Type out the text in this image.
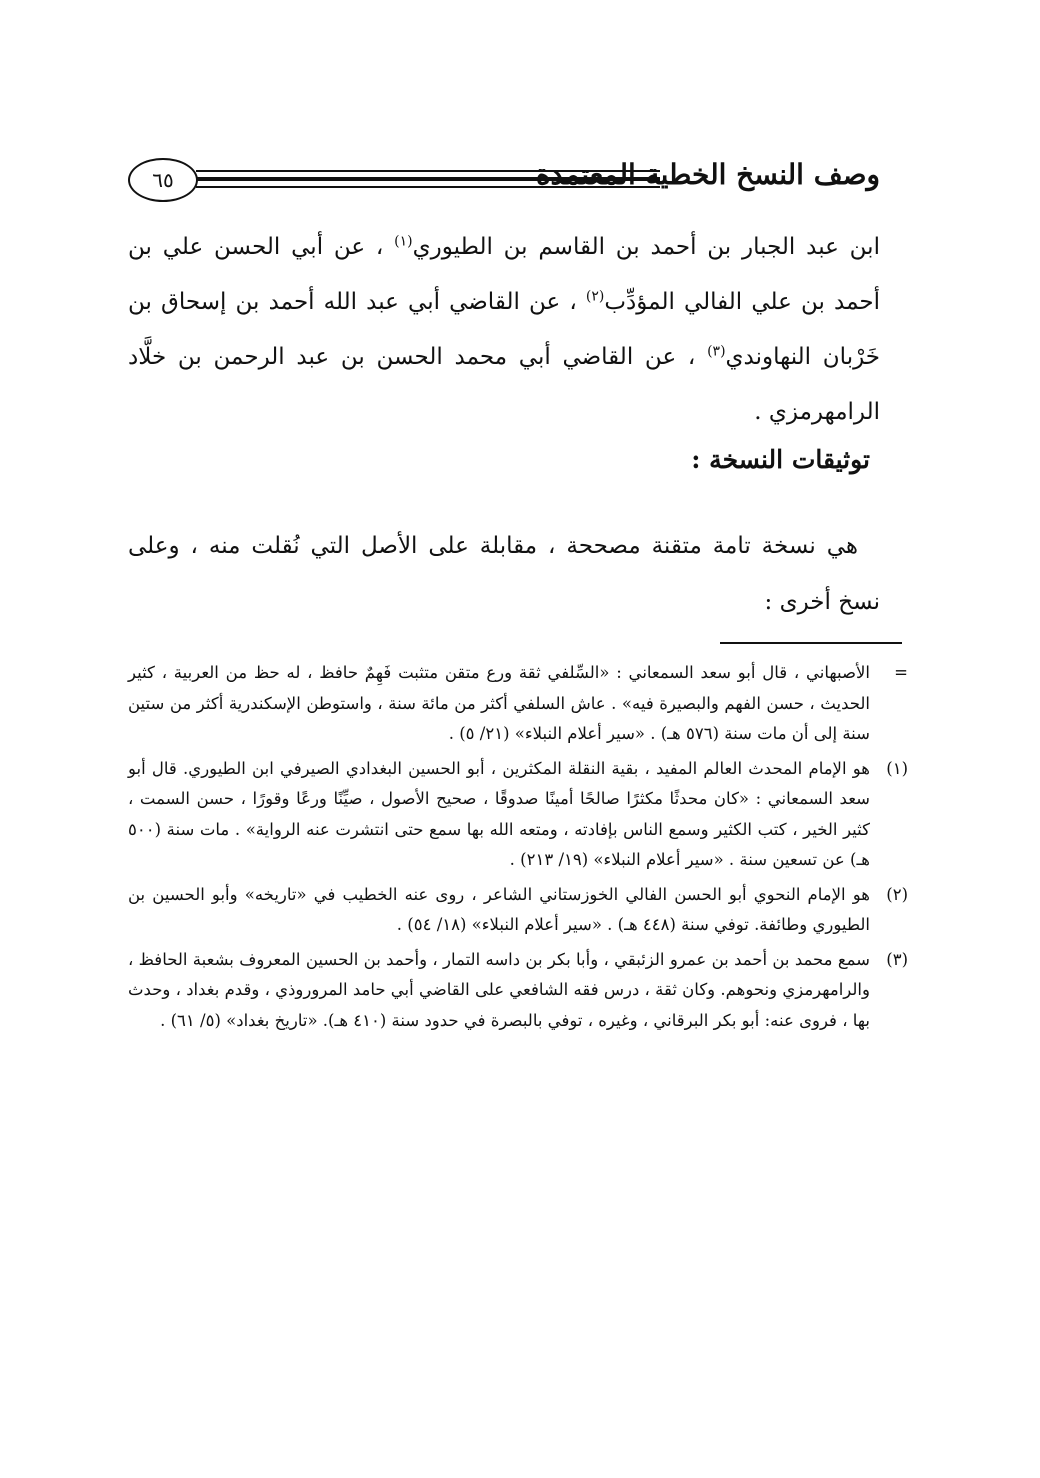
٦٥	وصف النسخ الخطية المعتمدة

ابن عبد الجبار بن أحمد بن القاسم بن الطيوري$^{(١)}$ ، عن أبي الحسن علي بن أحمد بن علي الفالي المؤدِّب$^{(٢)}$ ، عن القاضي أبي عبد الله أحمد بن إسحاق بن خَرْبان النهاوندي$^{(٣)}$ ، عن القاضي أبي محمد الحسن بن عبد الرحمن بن خلَّاد الرامهرمزي .

توثيقات النسخة :

هي نسخة تامة متقنة مصححة ، مقابلة على الأصل التي نُقلت منه ، وعلى نسخ أخرى :

=
الأصبهاني ، قال أبو سعد السمعاني : «السِّلفي ثقة ورع متقن متثبت فَهِمٌ حافظ ، له حظ من العربية ، كثير الحديث ، حسن الفهم والبصيرة فيه» . عاش السلفي أكثر من مائة سنة ، واستوطن الإسكندرية أكثر من ستين سنة إلى أن مات سنة (٥٧٦ هـ) . «سير أعلام النبلاء» (٢١/ ٥) .
(١)
هو الإمام المحدث العالم المفيد ، بقية النقلة المكثرين ، أبو الحسين البغدادي الصيرفي ابن الطيوري. قال أبو سعد السمعاني : «كان محدثًا مكثرًا صالحًا أمينًا صدوقًا ، صحيح الأصول ، صيِّنًا ورعًا وقورًا ، حسن السمت ، كثير الخير ، كتب الكثير وسمع الناس بإفادته ، ومتعه الله بها سمع حتى انتشرت عنه الرواية» . مات سنة (٥٠٠ هـ) عن تسعين سنة . «سير أعلام النبلاء» (١٩/ ٢١٣) .
(٢)
هو الإمام النحوي أبو الحسن الفالي الخوزستاني الشاعر ، روى عنه الخطيب في «تاريخه» وأبو الحسين بن الطيوري وطائفة. توفي سنة (٤٤٨ هـ) . «سير أعلام النبلاء» (١٨/ ٥٤) .
(٣)
سمع محمد بن أحمد بن عمرو الزئبقي ، وأبا بكر بن داسه التمار ، وأحمد بن الحسين المعروف بشعبة الحافظ ، والرامهرمزي ونحوهم. وكان ثقة ، درس فقه الشافعي على القاضي أبي حامد المروروذي ، وقدم بغداد ، وحدث بها ، فروى عنه: أبو بكر البرقاني ، وغيره ، توفي بالبصرة في حدود سنة (٤١٠ هـ). «تاريخ بغداد» (٥/ ٦١) .
